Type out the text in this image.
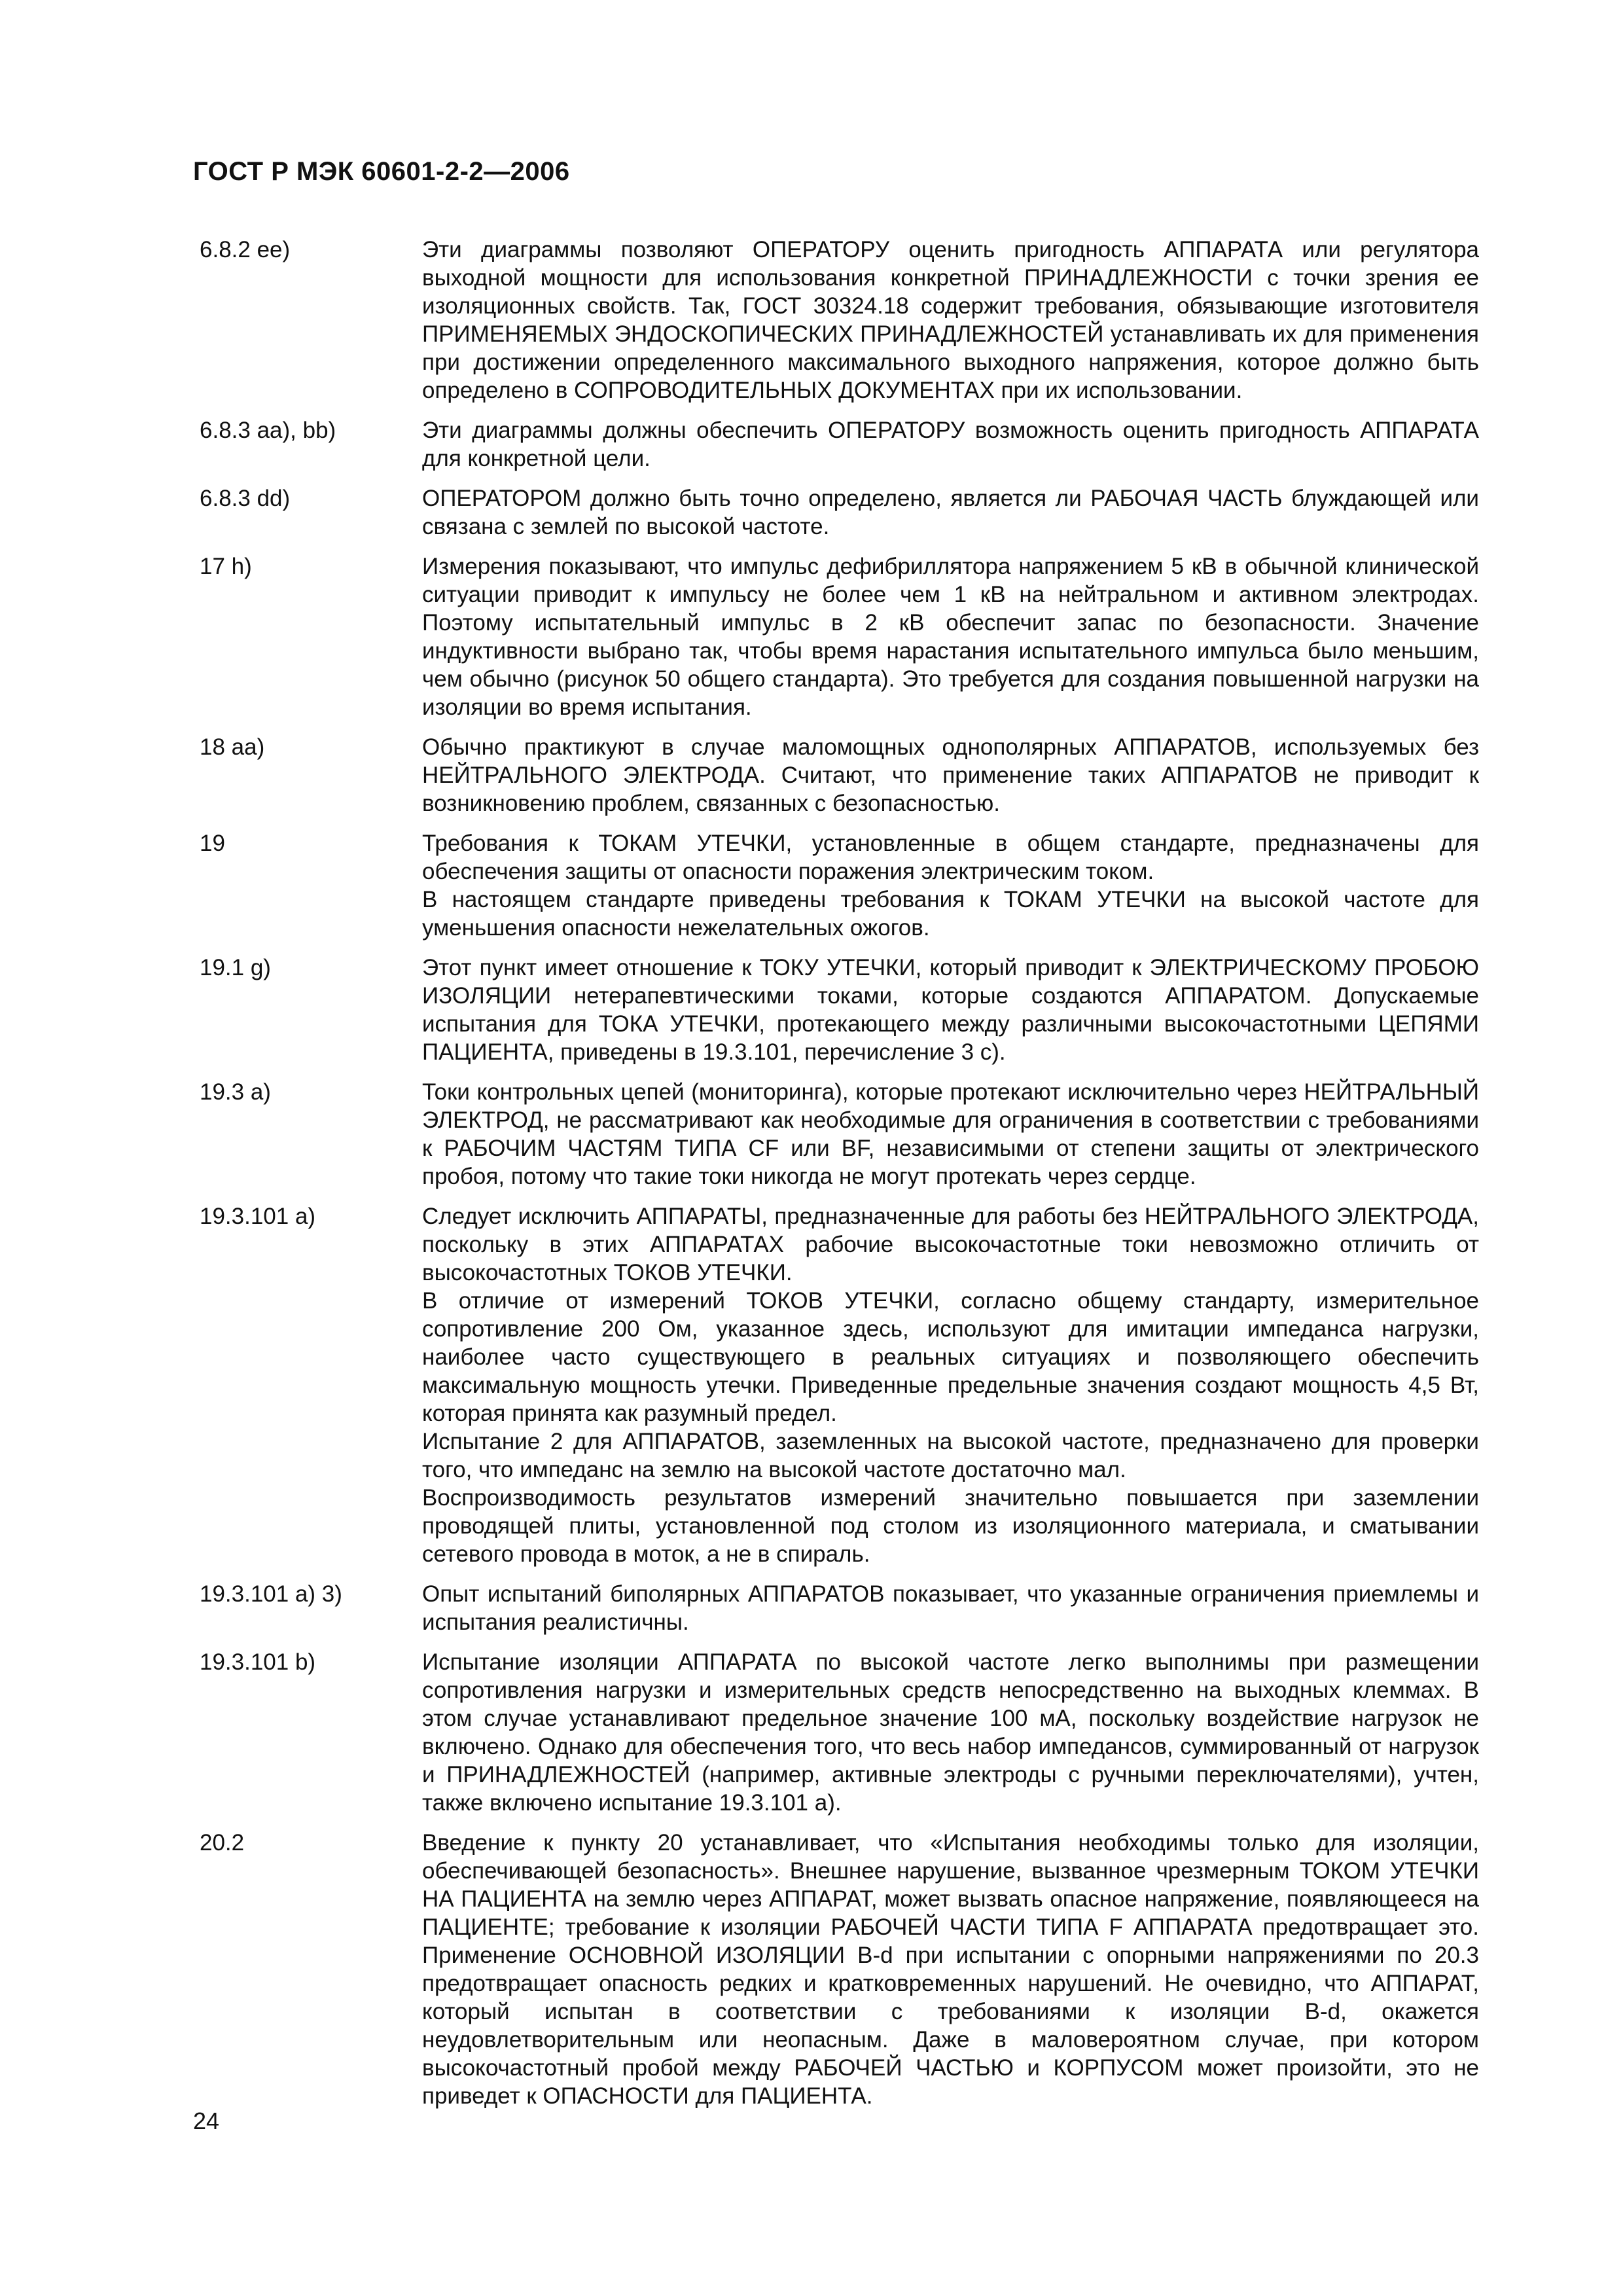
ГОСТ Р МЭК 60601-2-2—2006
6.8.2 ее)	Эти диаграммы позволяют ОПЕРАТОРУ оценить пригодность АППАРАТА или регулятора выходной мощности для использования конкретной ПРИНАДЛЕЖНОСТИ с точки зрения ее изоляционных свойств. Так, ГОСТ 30324.18 содержит требования, обязывающие изготовителя ПРИМЕНЯЕМЫХ ЭНДОСКОПИЧЕСКИХ ПРИНАДЛЕЖНОСТЕЙ устанавливать их для применения при достижении определенного максимального выходного напряжения, которое должно быть определено в СОПРОВОДИТЕЛЬНЫХ ДОКУМЕНТАХ при их использовании.

6.8.3 аа), bb)	Эти диаграммы должны обеспечить ОПЕРАТОРУ возможность оценить пригодность АППАРАТА для конкретной цели.

6.8.3 dd)	ОПЕРАТОРОМ должно быть точно определено, является ли РАБОЧАЯ ЧАСТЬ блуждающей или связана с землей по высокой частоте.

17 h)	Измерения показывают, что импульс дефибриллятора напряжением 5 кВ в обычной клинической ситуации приводит к импульсу не более чем 1 кВ на нейтральном и активном электродах. Поэтому испытательный импульс в 2 кВ обеспечит запас по безопасности. Значение индуктивности выбрано так, чтобы время нарастания испытательного импульса было меньшим, чем обычно (рисунок 50 общего стандарта). Это требуется для создания повышенной нагрузки на изоляции во время испытания.

18 аа)	Обычно практикуют в случае маломощных однополярных АППАРАТОВ, используемых без НЕЙТРАЛЬНОГО ЭЛЕКТРОДА. Считают, что применение таких АППАРАТОВ не приводит к возникновению проблем, связанных с безопасностью.

19	Требования к ТОКАМ УТЕЧКИ, установленные в общем стандарте, предназначены для обеспечения защиты от опасности поражения электрическим током.

В настоящем стандарте приведены требования к ТОКАМ УТЕЧКИ на высокой частоте для уменьшения опасности нежелательных ожогов.

19.1 g)	Этот пункт имеет отношение к ТОКУ УТЕЧКИ, который приводит к ЭЛЕКТРИЧЕСКОМУ ПРОБОЮ ИЗОЛЯЦИИ нетерапевтическими токами, которые создаются АППАРАТОМ. Допускаемые испытания для ТОКА УТЕЧКИ, протекающего между различными высокочастотными ЦЕПЯМИ ПАЦИЕНТА, приведены в 19.3.101, перечисление 3 с).

19.3 а)	Токи контрольных цепей (мониторинга), которые протекают исключительно через НЕЙТРАЛЬНЫЙ ЭЛЕКТРОД, не рассматривают как необходимые для ограничения в соответствии с требованиями к РАБОЧИМ ЧАСТЯМ ТИПА CF или BF, независимыми от степени защиты от электрического пробоя, потому что такие токи никогда не могут протекать через сердце.

19.3.101 а)	Следует исключить АППАРАТЫ, предназначенные для работы без НЕЙТРАЛЬНОГО ЭЛЕКТРОДА, поскольку в этих АППАРАТАХ рабочие высокочастотные токи невозможно отличить от высокочастотных ТОКОВ УТЕЧКИ.

В отличие от измерений ТОКОВ УТЕЧКИ, согласно общему стандарту, измерительное сопротивление 200 Ом, указанное здесь, используют для имитации импеданса нагрузки, наиболее часто существующего в реальных ситуациях и позволяющего обеспечить максимальную мощность утечки. Приведенные предельные значения создают мощность 4,5 Вт, которая принята как разумный предел.

Испытание 2 для АППАРАТОВ, заземленных на высокой частоте, предназначено для проверки того, что импеданс на землю на высокой частоте достаточно мал.

Воспроизводимость результатов измерений значительно повышается при заземлении проводящей плиты, установленной под столом из изоляционного материала, и сматывании сетевого провода в моток, а не в спираль.

19.3.101 а) 3)	Опыт испытаний биполярных АППАРАТОВ показывает, что указанные ограничения приемлемы и испытания реалистичны.

19.3.101 b)	Испытание изоляции АППАРАТА по высокой частоте легко выполнимы при размещении сопротивления нагрузки и измерительных средств непосредственно на выходных клеммах. В этом случае устанавливают предельное значение 100 мА, поскольку воздействие нагрузок не включено. Однако для обеспечения того, что весь набор импедансов, суммированный от нагрузок и ПРИНАДЛЕЖНОСТЕЙ (например, активные электроды с ручными переключателями), учтен, также включено испытание 19.3.101 а).

20.2	Введение к пункту 20 устанавливает, что «Испытания необходимы только для изоляции, обеспечивающей безопасность». Внешнее нарушение, вызванное чрезмерным ТОКОМ УТЕЧКИ НА ПАЦИЕНТА на землю через АППАРАТ, может вызвать опасное напряжение, появляющееся на ПАЦИЕНТЕ; требование к изоляции РАБОЧЕЙ ЧАСТИ ТИПА F АППАРАТА предотвращает это. Применение ОСНОВНОЙ ИЗОЛЯЦИИ B-d при испытании с опорными напряжениями по 20.3 предотвращает опасность редких и кратковременных нарушений. Не очевидно, что АППАРАТ, который испытан в соответствии с требованиями к изоляции B-d, окажется неудовлетворительным или неопасным. Даже в маловероятном случае, при котором высокочастотный пробой между РАБОЧЕЙ ЧАСТЬЮ и КОРПУСОМ может произойти, это не приведет к ОПАСНОСТИ для ПАЦИЕНТА.

24
